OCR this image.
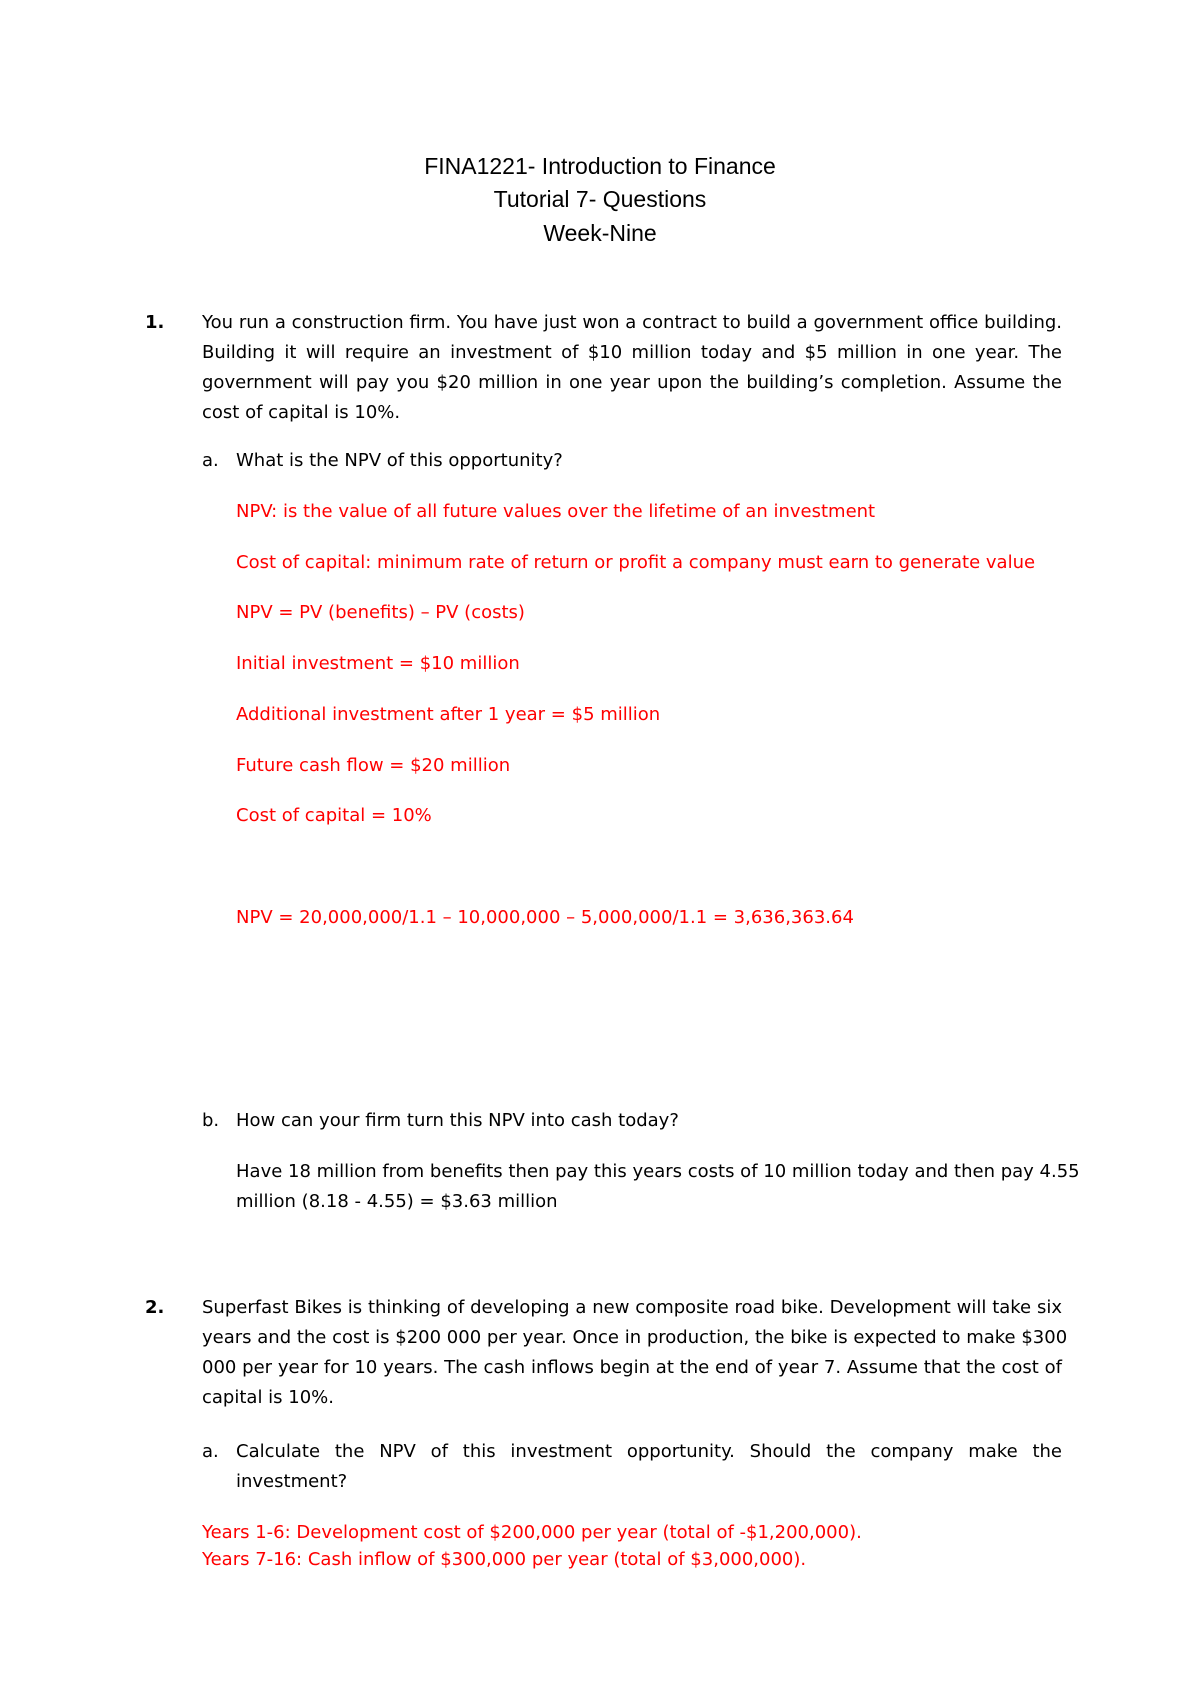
FINA1221- Introduction to Finance
Tutorial 7- Questions
Week-Nine
1. You run a construction firm. You have just won a contract to build a government office building.
Building it will require an investment of $10 million today and $5 million in one year. The
government will pay you $20 million in one year upon the building’s completion. Assume the
cost of capital is 10%.
a. What is the NPV of this opportunity?
NPV: is the value of all future values over the lifetime of an investment
Cost of capital: minimum rate of return or profit a company must earn to generate value
NPV = PV (benefits) – PV (costs)
Initial investment = $10 million
Additional investment after 1 year = $5 million
Future cash flow = $20 million
Cost of capital = 10%
NPV = 20,000,000/1.1 – 10,000,000 – 5,000,000/1.1 = 3,636,363.64
b. How can your firm turn this NPV into cash today?
Have 18 million from benefits then pay this years costs of 10 million today and then pay 4.55
million (8.18 - 4.55) = $3.63 million
2. Superfast Bikes is thinking of developing a new composite road bike. Development will take six
years and the cost is $200 000 per year. Once in production, the bike is expected to make $300
000 per year for 10 years. The cash inflows begin at the end of year 7. Assume that the cost of
capital is 10%.
a. Calculate the NPV of this investment opportunity. Should the company make the
investment?
Years 1-6: Development cost of $200,000 per year (total of -$1,200,000).
Years 7-16: Cash inflow of $300,000 per year (total of $3,000,000).
